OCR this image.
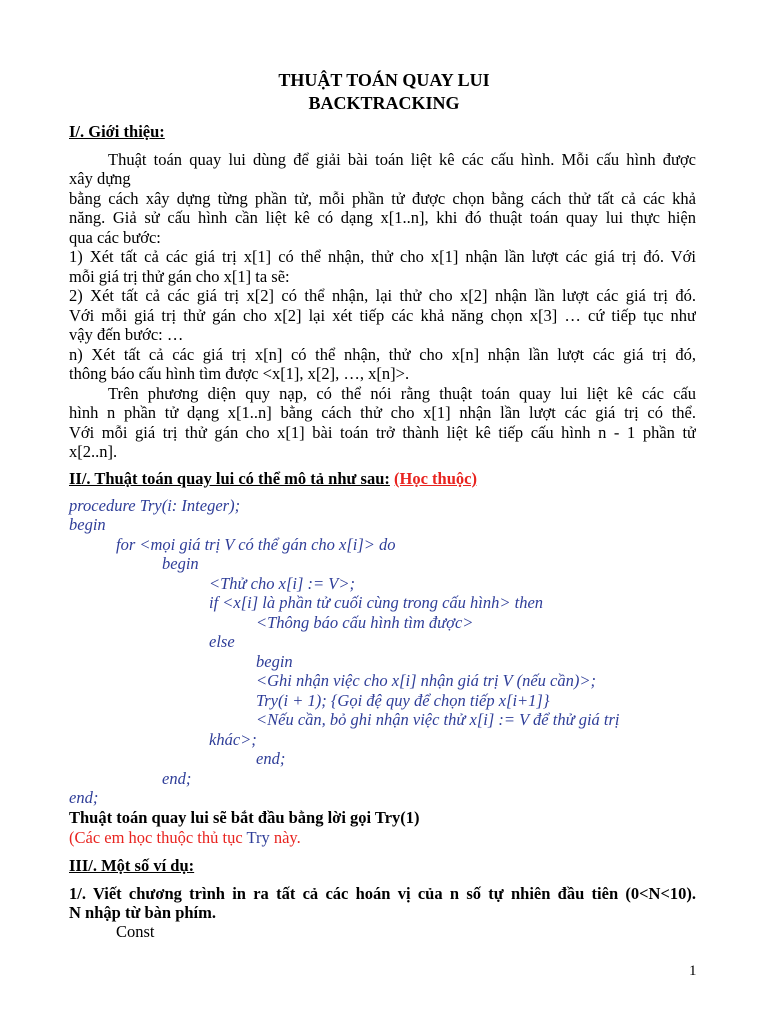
THUẬT TOÁN QUAY LUI
BACKTRACKING
I/. Giới thiệu:
Thuật toán quay lui dùng để giải bài toán liệt kê các cấu hình. Mỗi cấu hình được
xây dựng
bằng cách xây dựng từng phần tử, mỗi phần tử được chọn bằng cách thử tất cả các khả
năng. Giả sử cấu hình cần liệt kê có dạng x[1..n], khi đó thuật toán quay lui thực hiện
qua các bước:
1) Xét tất cả các giá trị x[1] có thể nhận, thử cho x[1] nhận lần lượt các giá trị đó. Với
mỗi giá trị thử gán cho x[1] ta sẽ:
2) Xét tất cả các giá trị x[2] có thể nhận, lại thử cho x[2] nhận lần lượt các giá trị đó.
Với mỗi giá trị thử gán cho x[2] lại xét tiếp các khả năng chọn x[3] … cứ tiếp tục như
vậy đến bước: …
n) Xét tất cả các giá trị x[n] có thể nhận, thử cho x[n] nhận lần lượt các giá trị đó,
thông báo cấu hình tìm được <x[1], x[2], …, x[n]>.
Trên phương diện quy nạp, có thể nói rằng thuật toán quay lui liệt kê các cấu
hình n phần tử dạng x[1..n] bằng cách thử cho x[1] nhận lần lượt các giá trị có thể.
Với mỗi giá trị thử gán cho x[1] bài toán trở thành liệt kê tiếp cấu hình n - 1 phần tử
x[2..n].
II/. Thuật toán quay lui có thể mô tả như sau: (Học thuộc)
procedure Try(i: Integer);
begin
for <mọi giá trị V có thể gán cho x[i]> do
begin
<Thử cho x[i] := V>;
if <x[i] là phần tử cuối cùng trong cấu hình> then
<Thông báo cấu hình tìm được>
else
begin
<Ghi nhận việc cho x[i] nhận giá trị V (nếu cần)>;
Try(i + 1); {Gọi đệ quy để chọn tiếp x[i+1]}
<Nếu cần, bỏ ghi nhận việc thử x[i] := V để thử giá trị
khác>;
end;
end;
end;
Thuật toán quay lui sẽ bắt đầu bằng lời gọi Try(1)
(Các em học thuộc thủ tục Try này.
III/. Một số ví dụ:
1/. Viết chương trình in ra tất cả các hoán vị của n số tự nhiên đầu tiên (0<N<10).
N nhập từ bàn phím.
Const
1
